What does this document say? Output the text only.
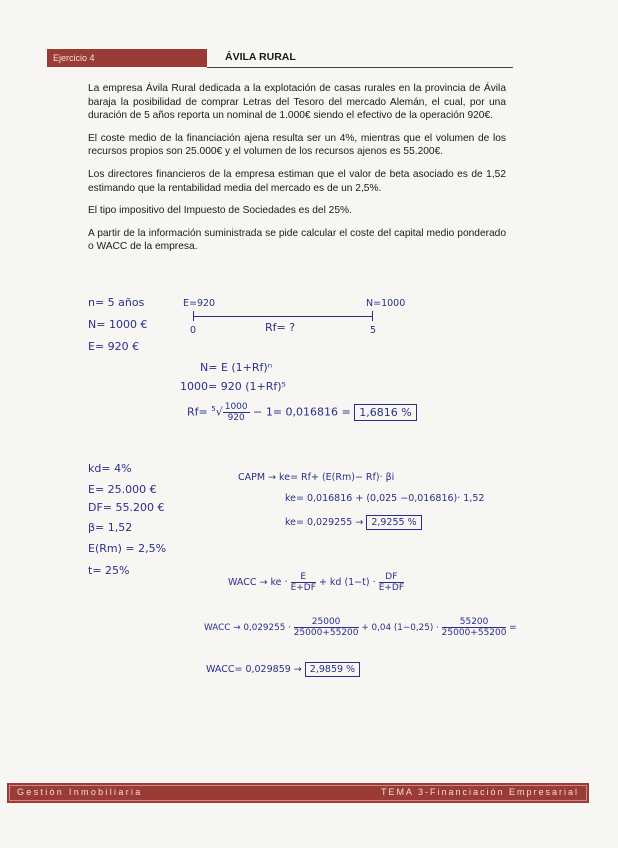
Ejercicio 4	ÁVILA RURAL

La empresa Ávila Rural dedicada a la explotación de casas rurales en la provincia de Ávila baraja la posibilidad de comprar Letras del Tesoro del mercado Alemán, el cual, por una duración de 5 años reporta un nominal de 1.000€ siendo el efectivo de la operación 920€.

El coste medio de la financiación ajena resulta ser un 4%, mientras que el volumen de los recursos propios son 25.000€ y el volumen de los recursos ajenos es 55.200€.

Los directores financieros de la empresa estiman que el valor de beta asociado es de 1,52 estimando que la rentabilidad media del mercado es de un 2,5%.

El tipo impositivo del Impuesto de Sociedades es del 25%.

A partir de la información suministrada se pide calcular el coste del capital medio ponderado o WACC de la empresa.

n= 5 años
N= 1000 €
E= 920 €
E=920	N=1000
0	Rf= ?	5
N= E (1+Rf)ⁿ
1000= 920 (1+Rf)⁵
$Rf= ^5√ \frac{1000}{920} - 1= 0,016816 = 1,6816$ %
kd= 4%
E= 25.000 €
DF= 55.200 €
β= 1,52
E(Rm) = 2,5%
t= 25%
CAPM → ke= Rf+ (E(Rm)− Rf)· βi
ke= 0,016816 + (0,025 −0,016816)· 1,52
ke= 0,029255 → 2,9255 %
WACC → ke · $\frac{E}{E+DF}$ + kd $(1-t) \cdot \frac{DF}{E+DF}$
WACC → $0,029255 \cdot \frac{25000}{25000+55200} + 0,04$ $(1-0,25) \cdot \frac{55200}{25000+55200}$ =
WACC= 0,029859 → 2,9859 %
Gestión Inmobiliaria	TEMA 3-Financiación Empresarial
